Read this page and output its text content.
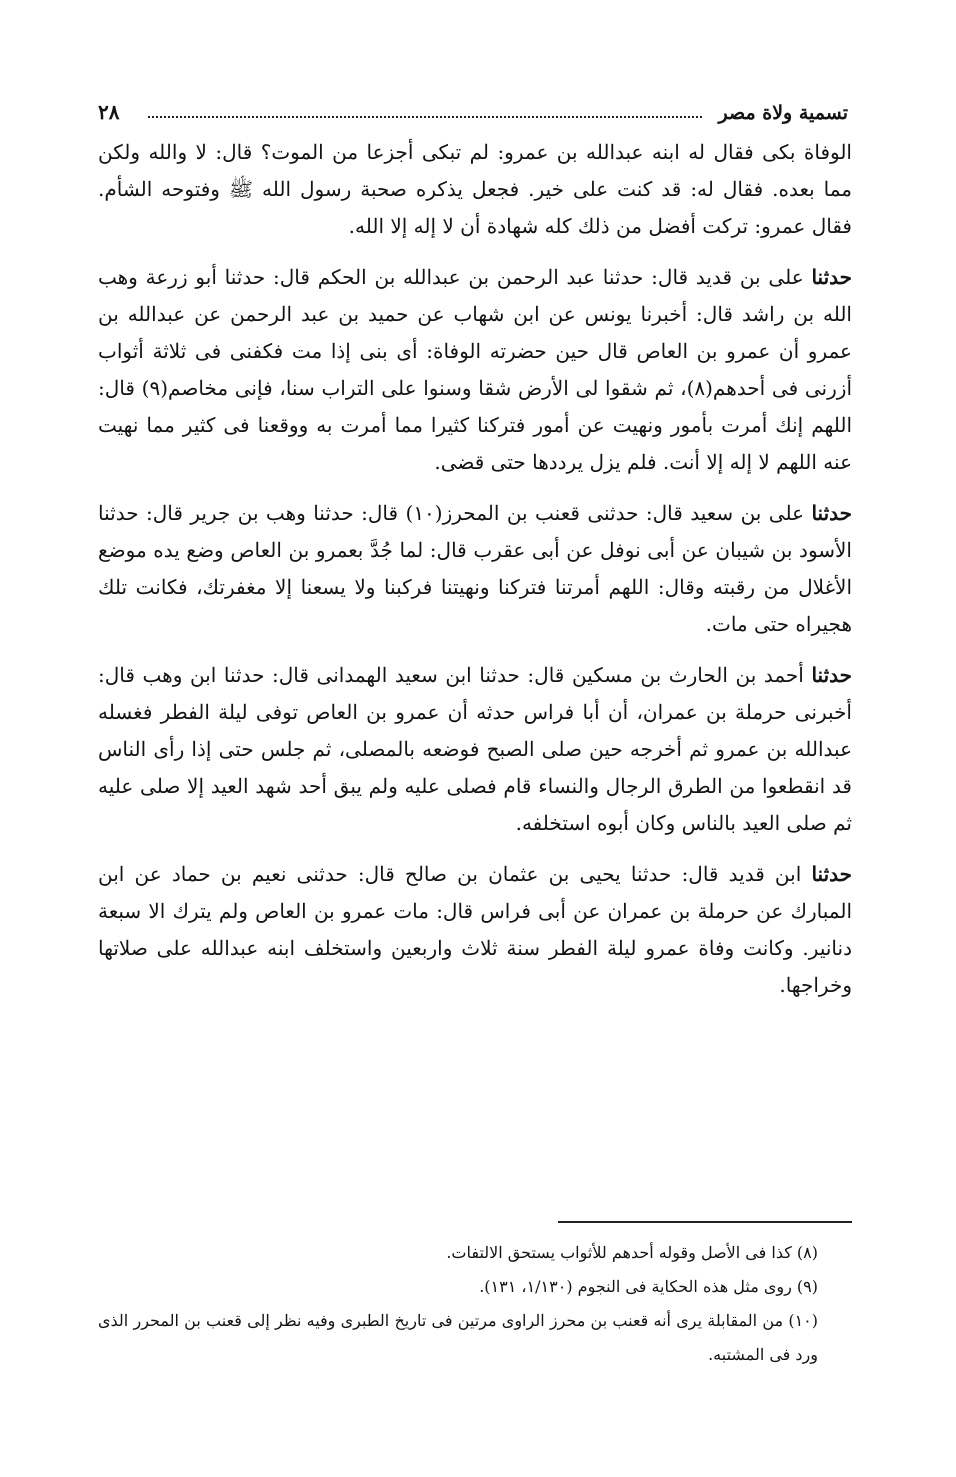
تسمية ولاة مصر
٢٨

الوفاة بكى فقال له ابنه عبدالله بن عمرو: لم تبكى أجزعا من الموت؟ قال: لا والله ولكن مما بعده. فقال له: قد كنت على خير. فجعل يذكره صحبة رسول الله ﷺ وفتوحه الشأم. فقال عمرو: تركت أفضل من ذلك كله شهادة أن لا إله إلا الله.

حدثنا على بن قديد قال: حدثنا عبد الرحمن بن عبدالله بن الحكم قال: حدثنا أبو زرعة وهب الله بن راشد قال: أخبرنا يونس عن ابن شهاب عن حميد بن عبد الرحمن عن عبدالله بن عمرو أن عمرو بن العاص قال حين حضرته الوفاة: أى بنى إذا مت فكفنى فى ثلاثة أثواب أزرنى فى أحدهم(٨)، ثم شقوا لى الأرض شقا وسنوا على التراب سنا، فإنى مخاصم(٩) قال: اللهم إنك أمرت بأمور ونهيت عن أمور فتركنا كثيرا مما أمرت به ووقعنا فى كثير مما نهيت عنه اللهم لا إله إلا أنت. فلم يزل يرددها حتى قضى.

حدثنا على بن سعيد قال: حدثنى قعنب بن المحرز(١٠) قال: حدثنا وهب بن جرير قال: حدثنا الأسود بن شيبان عن أبى نوفل عن أبى عقرب قال: لما جُدَّ بعمرو بن العاص وضع يده موضع الأغلال من رقبته وقال: اللهم أمرتنا فتركنا ونهيتنا فركبنا ولا يسعنا إلا مغفرتك، فكانت تلك هجيراه حتى مات.

حدثنا أحمد بن الحارث بن مسكين قال: حدثنا ابن سعيد الهمدانى قال: حدثنا ابن وهب قال: أخبرنى حرملة بن عمران، أن أبا فراس حدثه أن عمرو بن العاص توفى ليلة الفطر فغسله عبدالله بن عمرو ثم أخرجه حين صلى الصبح فوضعه بالمصلى، ثم جلس حتى إذا رأى الناس قد انقطعوا من الطرق الرجال والنساء قام فصلى عليه ولم يبق أحد شهد العيد إلا صلى عليه ثم صلى العيد بالناس وكان أبوه استخلفه.

حدثنا ابن قديد قال: حدثنا يحيى بن عثمان بن صالح قال: حدثنى نعيم بن حماد عن ابن المبارك عن حرملة بن عمران عن أبى فراس قال: مات عمرو بن العاص ولم يترك الا سبعة دنانير. وكانت وفاة عمرو ليلة الفطر سنة ثلاث واربعين واستخلف ابنه عبدالله على صلاتها وخراجها.

(٨) كذا فى الأصل وقوله أحدهم للأثواب يستحق الالتفات.

(٩) روى مثل هذه الحكاية فى النجوم (١/١٣٠، ١٣١).

(١٠) من المقابلة يرى أنه قعنب بن محرز الراوى مرتين فى تاريخ الطبرى وفيه نظر إلى قعنب بن المحرر الذى ورد فى المشتبه.
